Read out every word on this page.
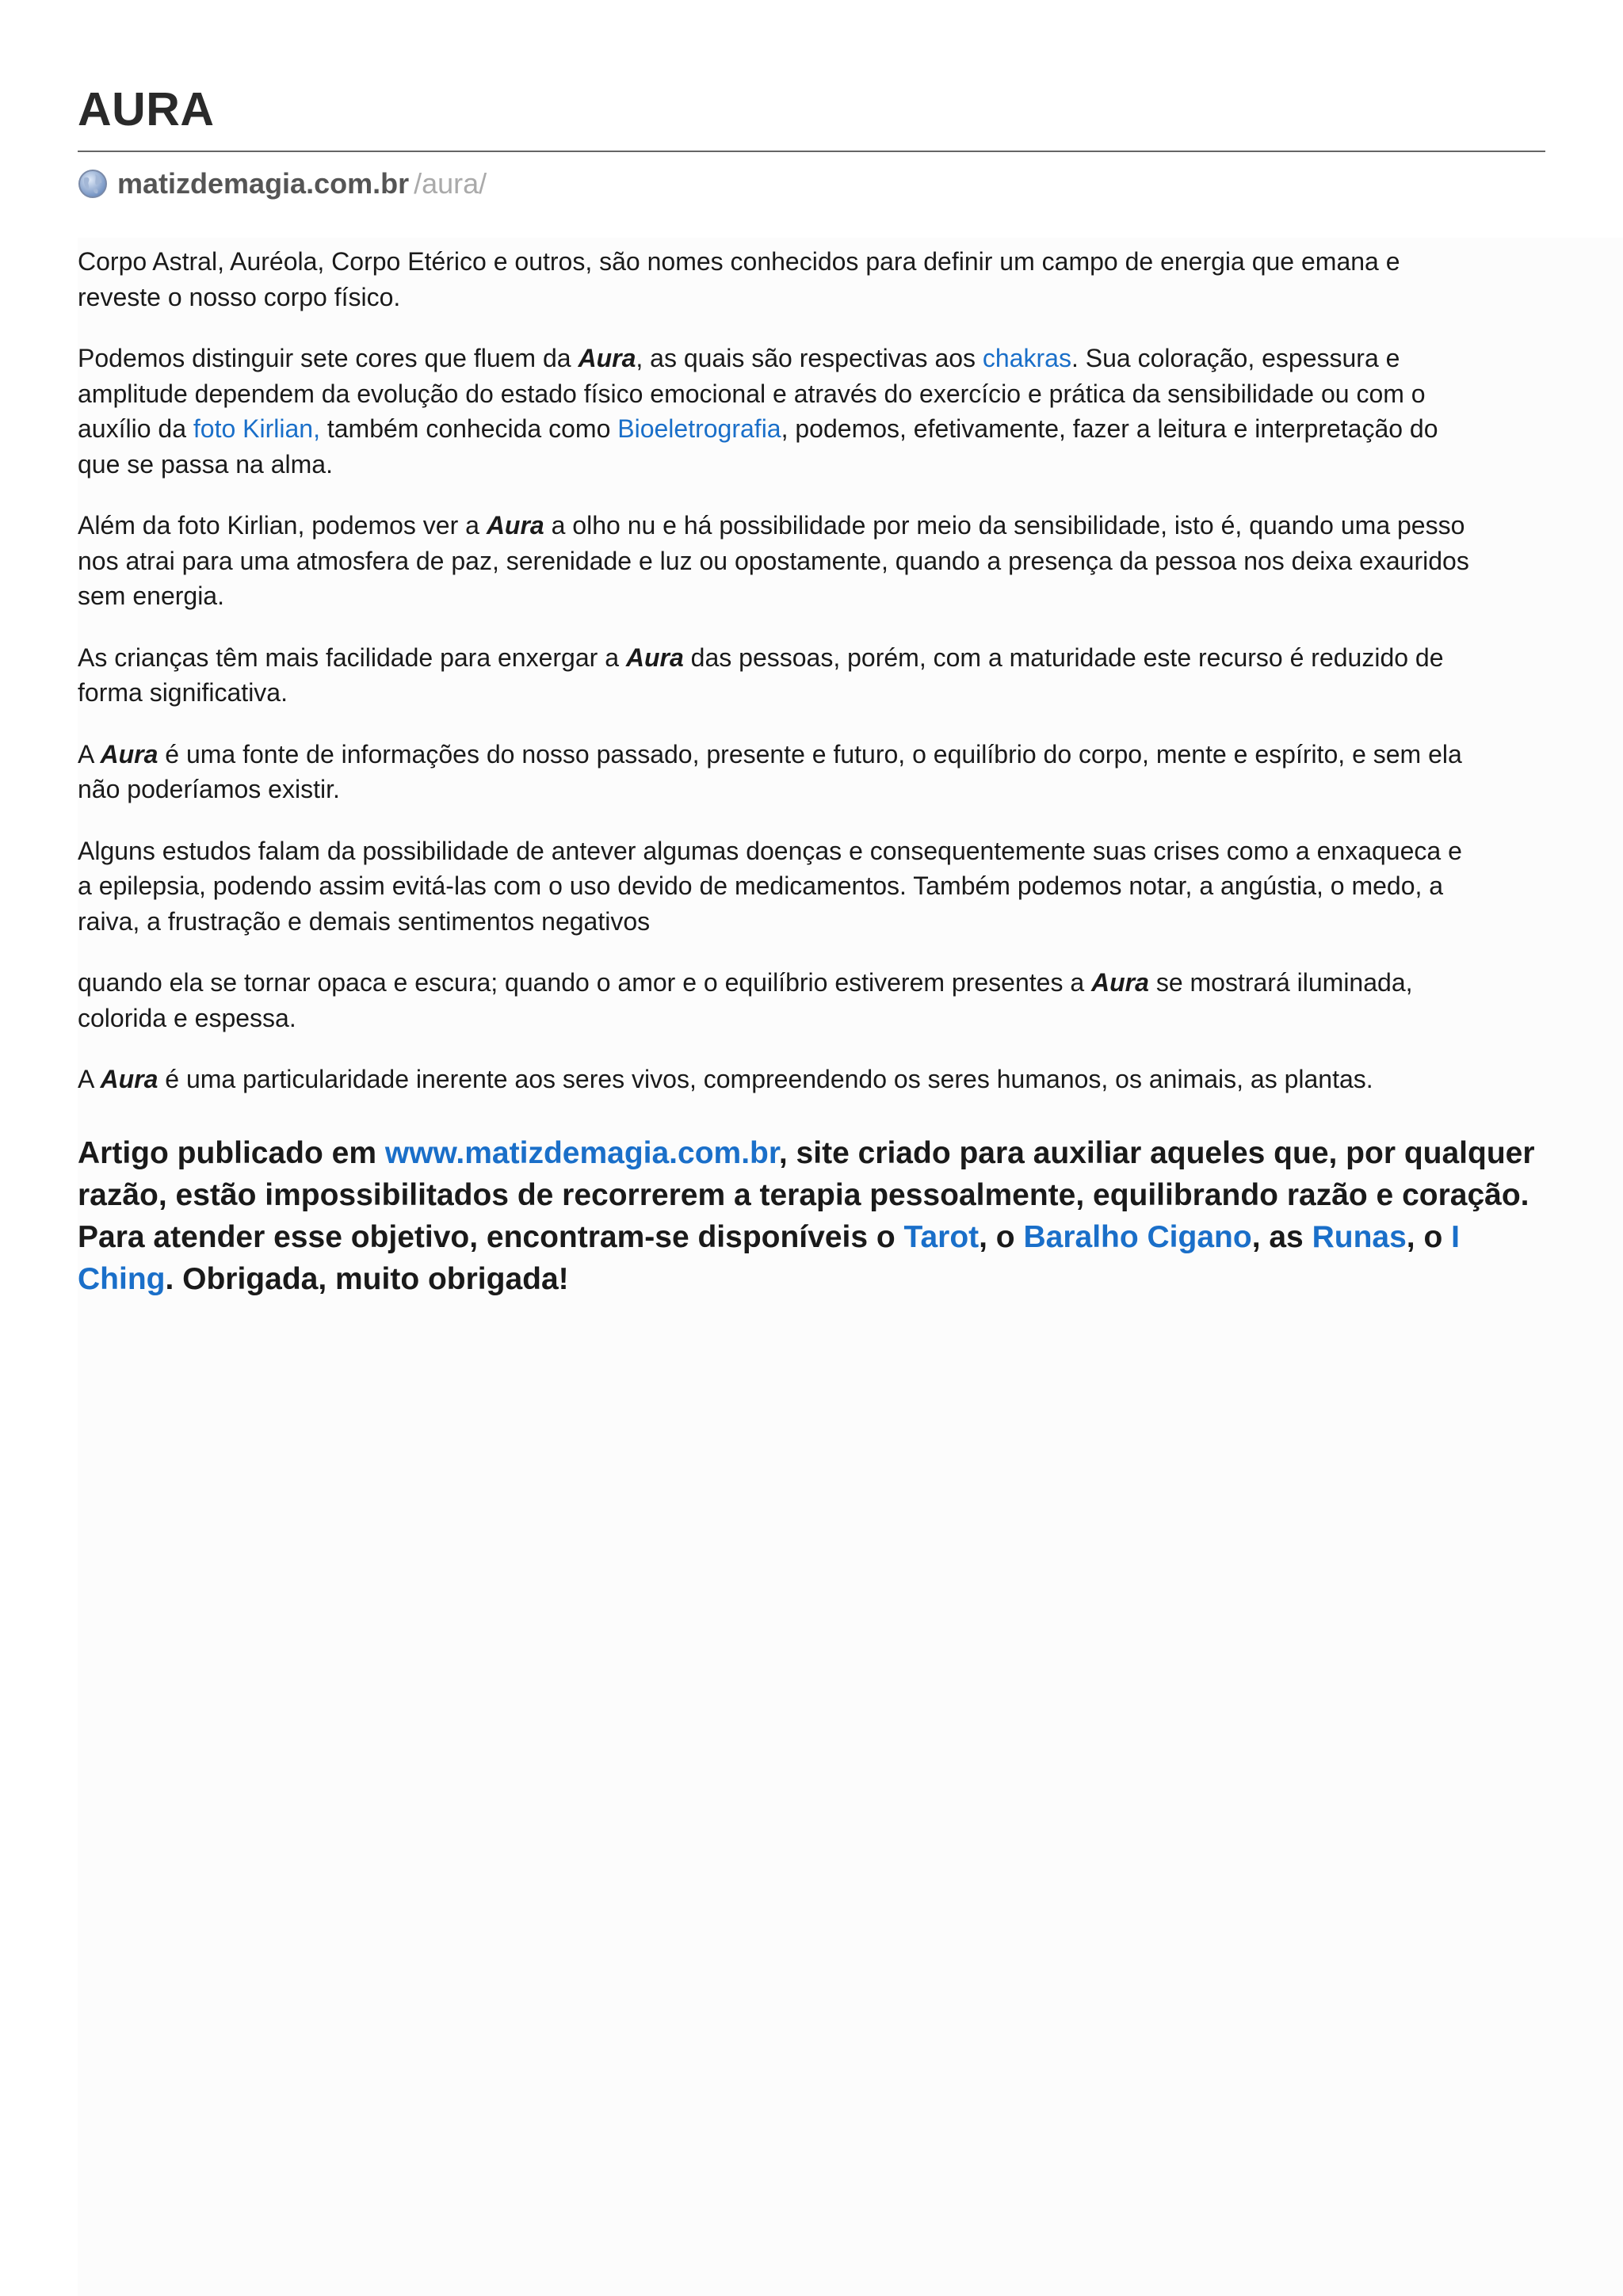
AURA
matizdemagia.com.br /aura/

Corpo Astral, Auréola, Corpo Etérico e outros, são nomes conhecidos para definir um campo de energia que emana e
reveste o nosso corpo físico.

Podemos distinguir sete cores que fluem da Aura, as quais são respectivas aos chakras. Sua coloração, espessura e
amplitude dependem da evolução do estado físico emocional e através do exercício e prática da sensibilidade ou com o
auxílio da foto Kirlian, também conhecida como Bioeletrografia, podemos, efetivamente, fazer a leitura e interpretação do
que se passa na alma.

Além da foto Kirlian, podemos ver a Aura a olho nu e há possibilidade por meio da sensibilidade, isto é, quando uma pesso
nos atrai para uma atmosfera de paz, serenidade e luz ou opostamente, quando a presença da pessoa nos deixa exauridos
sem energia.

As crianças têm mais facilidade para enxergar a Aura das pessoas, porém, com a maturidade este recurso é reduzido de
forma significativa.

A Aura é uma fonte de informações do nosso passado, presente e futuro, o equilíbrio do corpo, mente e espírito, e sem ela
não poderíamos existir.

Alguns estudos falam da possibilidade de antever algumas doenças e consequentemente suas crises como a enxaqueca e
a epilepsia, podendo assim evitá-las com o uso devido de medicamentos. Também podemos notar, a angústia, o medo, a
raiva, a frustração e demais sentimentos negativos

quando ela se tornar opaca e escura; quando o amor e o equilíbrio estiverem presentes a Aura se mostrará iluminada,
colorida e espessa.

A Aura é uma particularidade inerente aos seres vivos, compreendendo os seres humanos, os animais, as plantas.

Artigo publicado em www.matizdemagia.com.br, site criado para auxiliar aqueles que, por qualquer
razão, estão impossibilitados de recorrerem a terapia pessoalmente, equilibrando razão e coração.
Para atender esse objetivo, encontram-se disponíveis o Tarot, o Baralho Cigano, as Runas, o I
Ching. Obrigada, muito obrigada!
